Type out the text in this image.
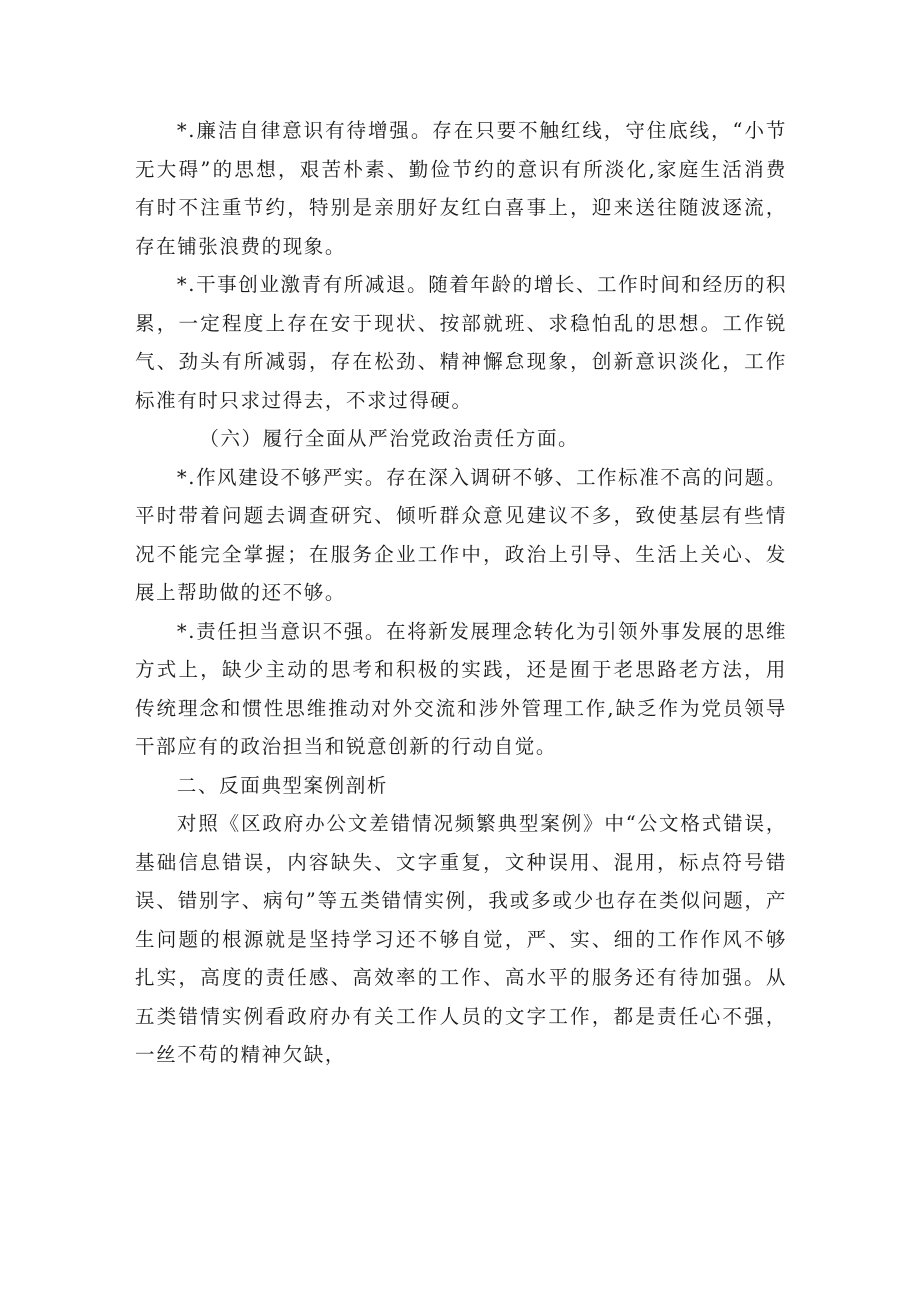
*.廉洁自律意识有待增强。存在只要不触红线，守住底线，“小节无大碍”的思想，艰苦朴素、勤俭节约的意识有所淡化,家庭生活消费有时不注重节约，特别是亲朋好友红白喜事上，迎来送往随波逐流，存在铺张浪费的现象。

*.干事创业激青有所减退。随着年龄的增长、工作时间和经历的积累，一定程度上存在安于现状、按部就班、求稳怕乱的思想。工作锐气、劲头有所减弱，存在松劲、精神懈怠现象，创新意识淡化，工作标准有时只求过得去，不求过得硬。

（六）履行全面从严治党政治责任方面。

*.作风建设不够严实。存在深入调研不够、工作标准不高的问题。平时带着问题去调查研究、倾听群众意见建议不多，致使基层有些情况不能完全掌握；在服务企业工作中，政治上引导、生活上关心、发展上帮助做的还不够。

*.责任担当意识不强。在将新发展理念转化为引领外事发展的思维方式上，缺少主动的思考和积极的实践，还是囿于老思路老方法，用传统理念和惯性思维推动对外交流和涉外管理工作,缺乏作为党员领导干部应有的政治担当和锐意创新的行动自觉。

二、反面典型案例剖析

对照《区政府办公文差错情况频繁典型案例》中“公文格式错误，基础信息错误，内容缺失、文字重复，文种误用、混用，标点符号错误、错别字、病句”等五类错情实例，我或多或少也存在类似问题，产生问题的根源就是坚持学习还不够自觉，严、实、细的工作作风不够扎实，高度的责任感、高效率的工作、高水平的服务还有待加强。从五类错情实例看政府办有关工作人员的文字工作，都是责任心不强，一丝不苟的精神欠缺，
